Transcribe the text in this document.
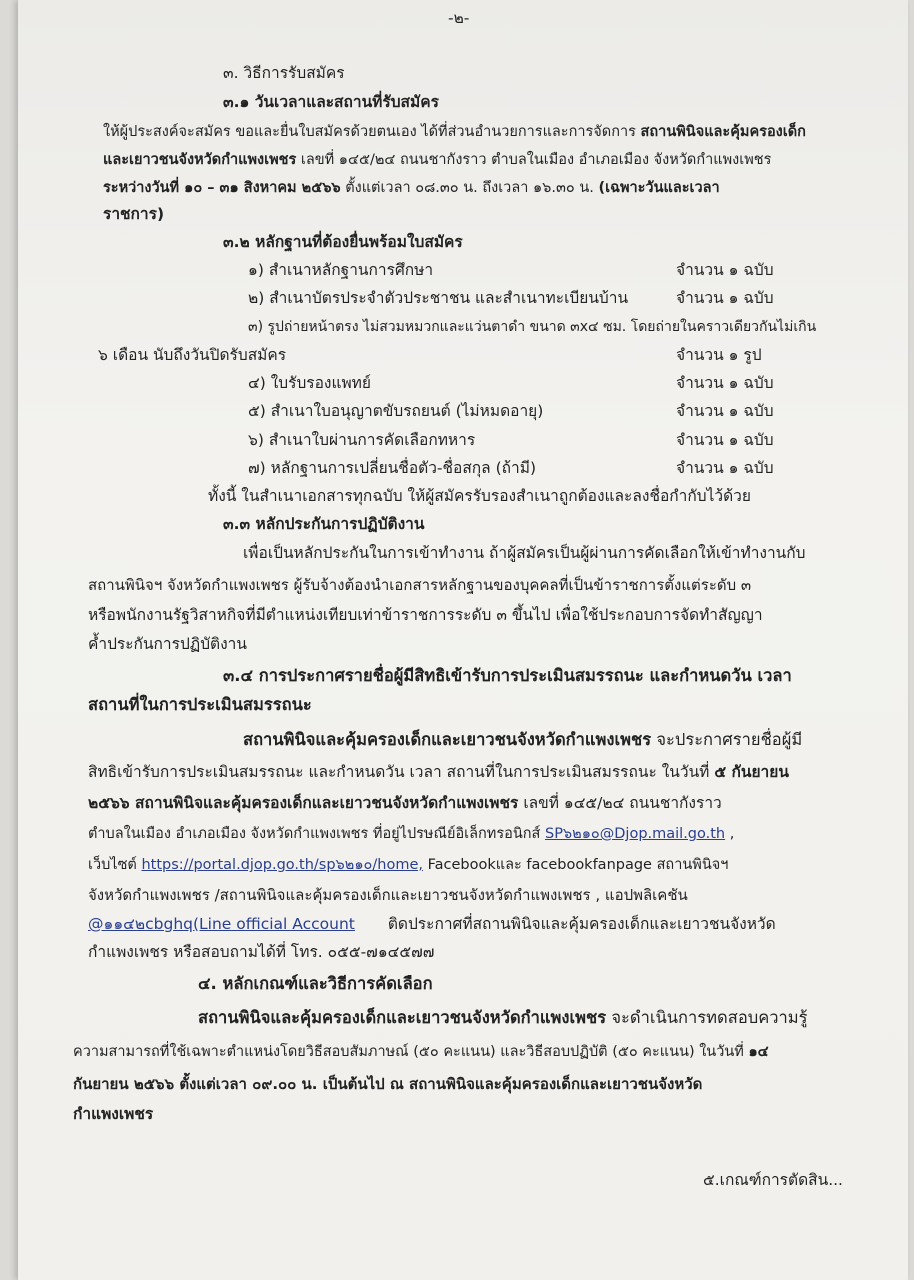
-๒-
๓. วิธีการรับสมัคร
๓.๑ วันเวลาและสถานที่รับสมัคร
ให้ผู้ประสงค์จะสมัคร ขอและยื่นใบสมัครด้วยตนเอง ได้ที่ส่วนอำนวยการและการจัดการ สถานพินิจและคุ้มครองเด็ก
และเยาวชนจังหวัดกำแพงเพชร เลขที่ ๑๔๕/๒๔ ถนนชากังราว ตำบลในเมือง อำเภอเมือง จังหวัดกำแพงเพชร
ระหว่างวันที่ ๑๐ – ๓๑ สิงหาคม ๒๕๖๖ ตั้งแต่เวลา ๐๘.๓๐ น. ถึงเวลา ๑๖.๓๐ น. (เฉพาะวันและเวลา
ราชการ)
๓.๒ หลักฐานที่ต้องยื่นพร้อมใบสมัคร
๑) สำเนาหลักฐานการศึกษา	จำนวน ๑ ฉบับ
๒) สำเนาบัตรประจำตัวประชาชน และสำเนาทะเบียนบ้าน	จำนวน ๑ ฉบับ
๓) รูปถ่ายหน้าตรง ไม่สวมหมวกและแว่นตาดำ ขนาด ๓x๔ ซม. โดยถ่ายในคราวเดียวกันไม่เกิน
๖ เดือน นับถึงวันปิดรับสมัคร	จำนวน ๑ รูป
๔) ใบรับรองแพทย์	จำนวน ๑ ฉบับ
๕) สำเนาใบอนุญาตขับรถยนต์ (ไม่หมดอายุ)	จำนวน ๑ ฉบับ
๖) สำเนาใบผ่านการคัดเลือกทหาร	จำนวน ๑ ฉบับ
๗) หลักฐานการเปลี่ยนชื่อตัว-ชื่อสกุล (ถ้ามี)	จำนวน ๑ ฉบับ
ทั้งนี้ ในสำเนาเอกสารทุกฉบับ ให้ผู้สมัครรับรองสำเนาถูกต้องและลงชื่อกำกับไว้ด้วย
๓.๓ หลักประกันการปฏิบัติงาน
เพื่อเป็นหลักประกันในการเข้าทำงาน ถ้าผู้สมัครเป็นผู้ผ่านการคัดเลือกให้เข้าทำงานกับ
สถานพินิจฯ จังหวัดกำแพงเพชร ผู้รับจ้างต้องนำเอกสารหลักฐานของบุคคลที่เป็นข้าราชการตั้งแต่ระดับ ๓
หรือพนักงานรัฐวิสาหกิจที่มีตำแหน่งเทียบเท่าข้าราชการระดับ ๓ ขึ้นไป เพื่อใช้ประกอบการจัดทำสัญญา
ค้ำประกันการปฏิบัติงาน
๓.๔ การประกาศรายชื่อผู้มีสิทธิเข้ารับการประเมินสมรรถนะ และกำหนดวัน เวลา
สถานที่ในการประเมินสมรรถนะ
สถานพินิจและคุ้มครองเด็กและเยาวชนจังหวัดกำแพงเพชร จะประกาศรายชื่อผู้มี
สิทธิเข้ารับการประเมินสมรรถนะ และกำหนดวัน เวลา สถานที่ในการประเมินสมรรถนะ ในวันที่ ๕ กันยายน
๒๕๖๖ สถานพินิจและคุ้มครองเด็กและเยาวชนจังหวัดกำแพงเพชร เลขที่ ๑๔๕/๒๔ ถนนชากังราว
ตำบลในเมือง อำเภอเมือง จังหวัดกำแพงเพชร ที่อยู่ไปรษณีย์อิเล็กทรอนิกส์ SP๖๒๑๐@Djop.mail.go.th ,
เว็บไซต์ https://portal.djop.go.th/sp๖๒๑๐/home, Facebookและ facebookfanpage สถานพินิจฯ
จังหวัดกำแพงเพชร /สถานพินิจและคุ้มครองเด็กและเยาวชนจังหวัดกำแพงเพชร , แอปพลิเคชัน
@๑๑๔๒cbghq(Line official Account ติดประกาศที่สถานพินิจและคุ้มครองเด็กและเยาวชนจังหวัด
กำแพงเพชร หรือสอบถามได้ที่ โทร. ๐๕๕-๗๑๔๕๗๗
๔. หลักเกณฑ์และวิธีการคัดเลือก
สถานพินิจและคุ้มครองเด็กและเยาวชนจังหวัดกำแพงเพชร จะดำเนินการทดสอบความรู้
ความสามารถที่ใช้เฉพาะตำแหน่งโดยวิธีสอบสัมภาษณ์ (๕๐ คะแนน) และวิธีสอบปฏิบัติ (๕๐ คะแนน) ในวันที่ ๑๔
กันยายน ๒๕๖๖ ตั้งแต่เวลา ๐๙.๐๐ น. เป็นต้นไป ณ สถานพินิจและคุ้มครองเด็กและเยาวชนจังหวัด
กำแพงเพชร
๕.เกณฑ์การตัดสิน...
